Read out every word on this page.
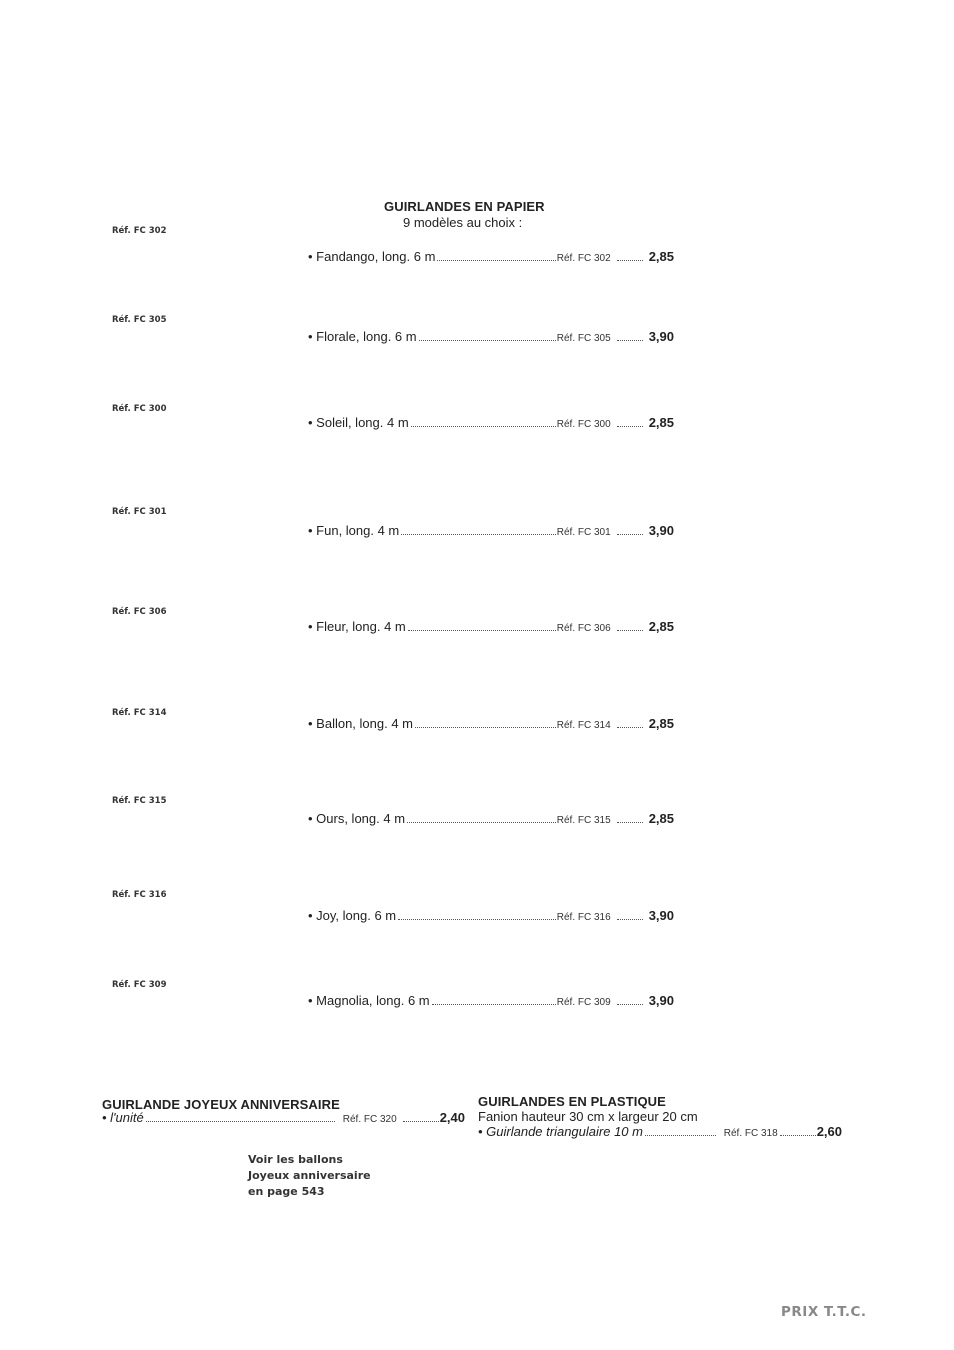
GUIRLANDES EN PAPIER
9 modèles au choix :
Réf. FC 302
Réf. FC 305
Réf. FC 300
Réf. FC 301
Réf. FC 306
Réf. FC 314
Réf. FC 315
Réf. FC 316
Réf. FC 309
• Fandango, long. 6 m	Réf. FC 302	2,85
• Florale, long. 6 m	Réf. FC 305	3,90
• Soleil, long. 4 m	Réf. FC 300	2,85
• Fun, long. 4 m	Réf. FC 301	3,90
• Fleur, long. 4 m	Réf. FC 306	2,85
• Ballon, long. 4 m	Réf. FC 314	2,85
• Ours, long. 4 m	Réf. FC 315	2,85
• Joy, long. 6 m	Réf. FC 316	3,90
• Magnolia, long. 6 m	Réf. FC 309	3,90
GUIRLANDE JOYEUX ANNIVERSAIRE
• l'unité	Réf. FC 320	2,40
GUIRLANDES EN PLASTIQUE
Fanion hauteur 30 cm x largeur 20 cm
• Guirlande triangulaire 10 m	Réf. FC 318	2,60
Voir les ballons
Joyeux anniversaire
en page 543
PRIX T.T.C.
